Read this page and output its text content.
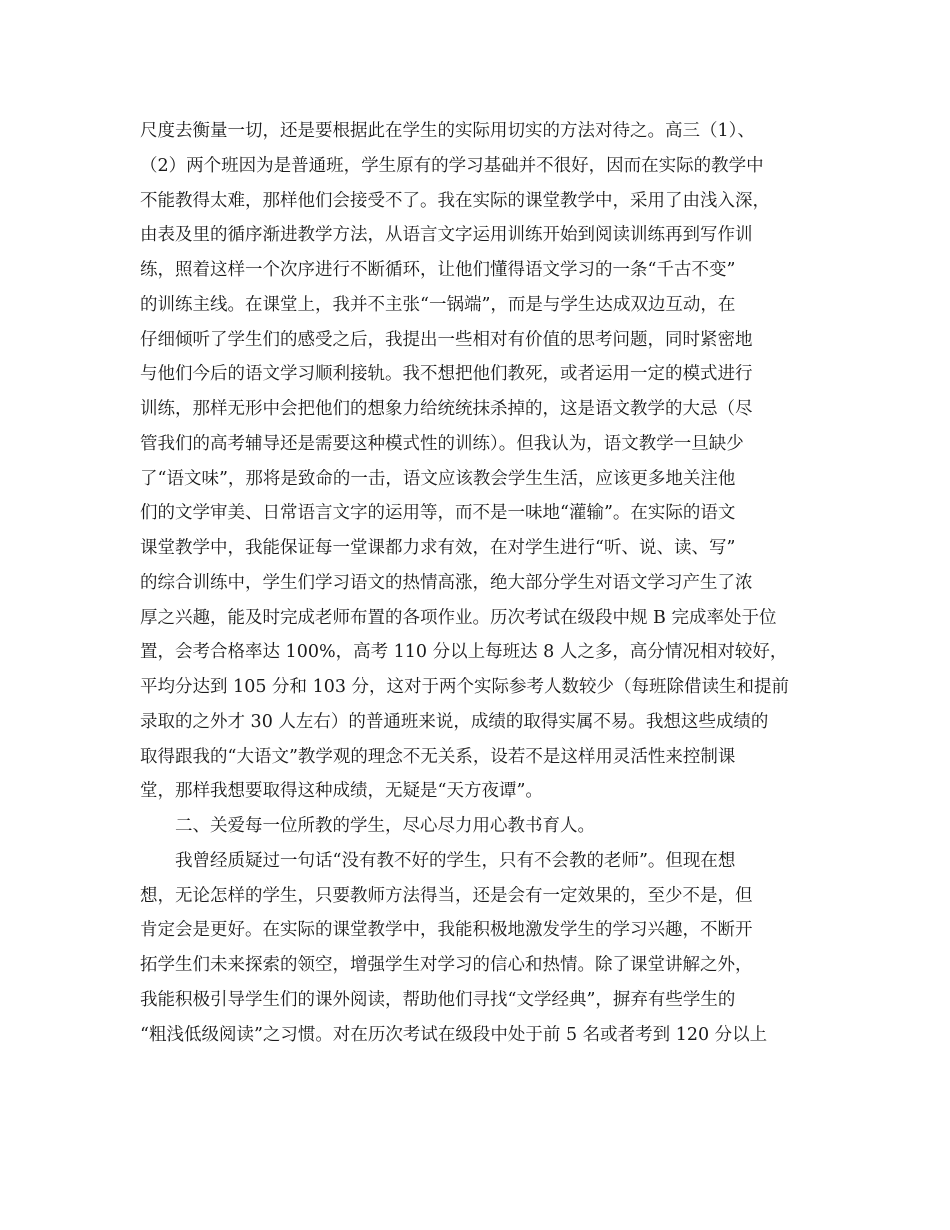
尺度去衡量一切，还是要根据此在学生的实际用切实的方法对待之。高三（1）、
（2）两个班因为是普通班，学生原有的学习基础并不很好，因而在实际的教学中
不能教得太难，那样他们会接受不了。我在实际的课堂教学中，采用了由浅入深，
由表及里的循序渐进教学方法，从语言文字运用训练开始到阅读训练再到写作训
练，照着这样一个次序进行不断循环，让他们懂得语文学习的一条“千古不变”
的训练主线。在课堂上，我并不主张“一锅端”，而是与学生达成双边互动，在
仔细倾听了学生们的感受之后，我提出一些相对有价值的思考问题，同时紧密地
与他们今后的语文学习顺利接轨。我不想把他们教死，或者运用一定的模式进行
训练，那样无形中会把他们的想象力给统统抹杀掉的，这是语文教学的大忌（尽
管我们的高考辅导还是需要这种模式性的训练）。但我认为，语文教学一旦缺少
了“语文味”，那将是致命的一击，语文应该教会学生生活，应该更多地关注他
们的文学审美、日常语言文字的运用等，而不是一味地“灌输”。在实际的语文
课堂教学中，我能保证每一堂课都力求有效，在对学生进行“听、说、读、写”
的综合训练中，学生们学习语文的热情高涨，绝大部分学生对语文学习产生了浓
厚之兴趣，能及时完成老师布置的各项作业。历次考试在级段中规 B 完成率处于位
置，会考合格率达 100%，高考 110 分以上每班达 8 人之多，高分情况相对较好，
平均分达到 105 分和 103 分，这对于两个实际参考人数较少（每班除借读生和提前
录取的之外才 30 人左右）的普通班来说，成绩的取得实属不易。我想这些成绩的
取得跟我的“大语文”教学观的理念不无关系，设若不是这样用灵活性来控制课
堂，那样我想要取得这种成绩，无疑是“天方夜谭”。
二、关爱每一位所教的学生，尽心尽力用心教书育人。
我曾经质疑过一句话“没有教不好的学生，只有不会教的老师”。但现在想
想，无论怎样的学生，只要教师方法得当，还是会有一定效果的，至少不是，但
肯定会是更好。在实际的课堂教学中，我能积极地激发学生的学习兴趣，不断开
拓学生们未来探索的领空，增强学生对学习的信心和热情。除了课堂讲解之外，
我能积极引导学生们的课外阅读，帮助他们寻找“文学经典”，摒弃有些学生的
“粗浅低级阅读”之习惯。对在历次考试在级段中处于前 5 名或者考到 120 分以上
